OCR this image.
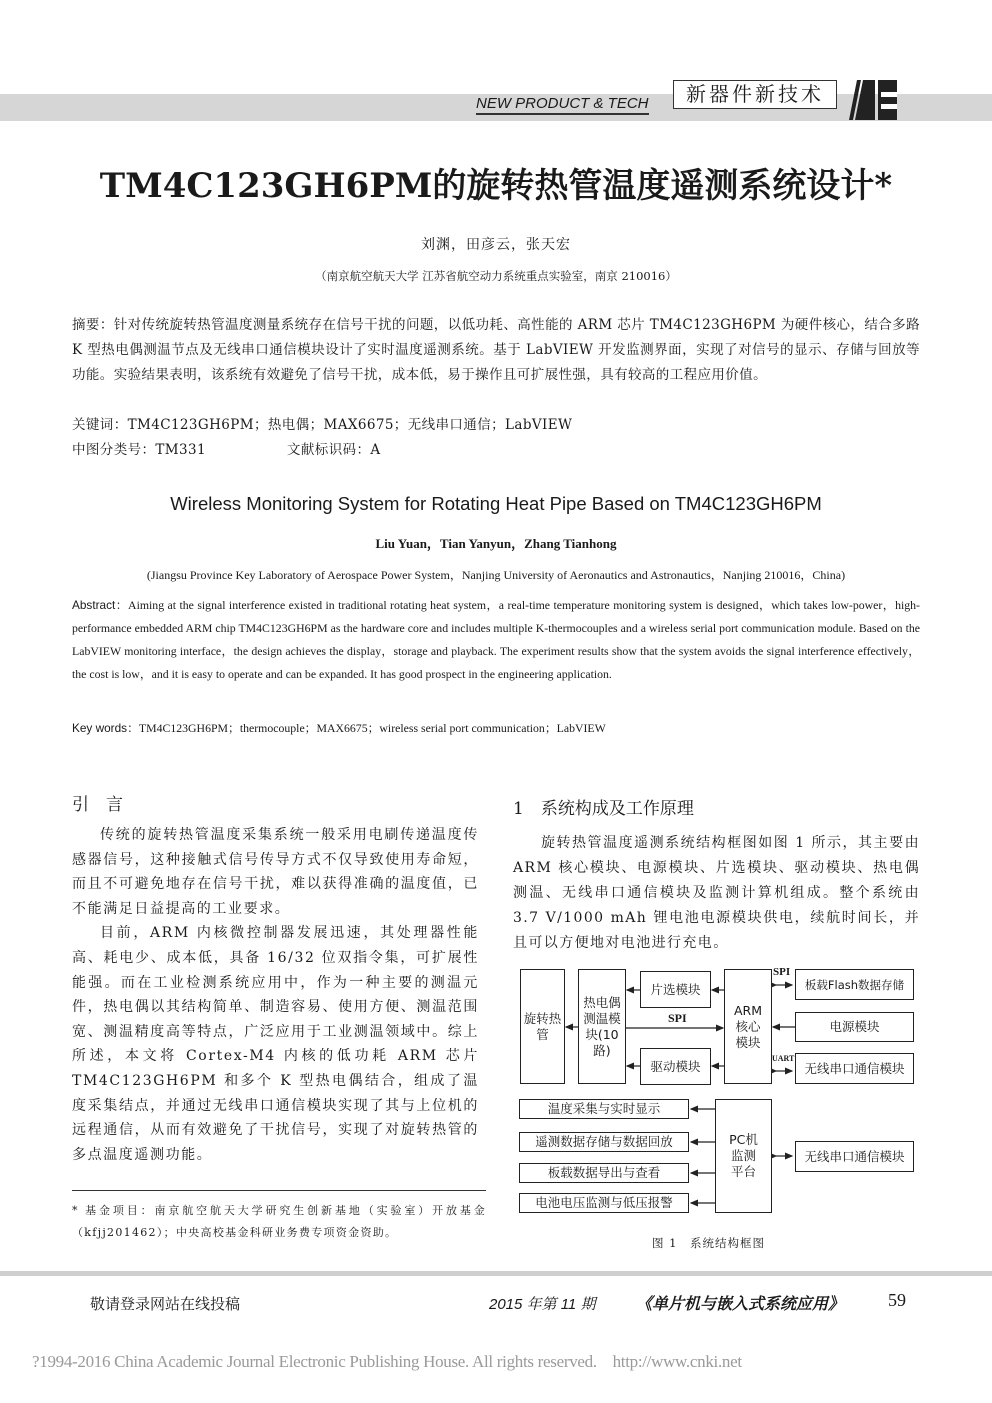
NEW PRODUCT & TECH	新器件新技术
TM4C123GH6PM的旋转热管温度遥测系统设计*
刘渊，田彦云，张天宏
（南京航空航天大学 江苏省航空动力系统重点实验室，南京 210016）
摘要：针对传统旋转热管温度测量系统存在信号干扰的问题，以低功耗、高性能的 ARM 芯片 TM4C123GH6PM 为硬件核心，结合多路 K 型热电偶测温节点及无线串口通信模块设计了实时温度遥测系统。基于 LabVIEW 开发监测界面，实现了对信号的显示、存储与回放等功能。实验结果表明，该系统有效避免了信号干扰，成本低，易于操作且可扩展性强，具有较高的工程应用价值。
关键词：TM4C123GH6PM；热电偶；MAX6675；无线串口通信；LabVIEW
中图分类号：TM331	文献标识码：A
Wireless Monitoring System for Rotating Heat Pipe Based on TM4C123GH6PM
Liu Yuan，Tian Yanyun，Zhang Tianhong
(Jiangsu Province Key Laboratory of Aerospace Power System，Nanjing University of Aeronautics and Astronautics，Nanjing 210016，China)
Abstract：Aiming at the signal interference existed in traditional rotating heat system，a real-time temperature monitoring system is designed，which takes low-power，high-performance embedded ARM chip TM4C123GH6PM as the hardware core and includes multiple K-thermocouples and a wireless serial port communication module. Based on the LabVIEW monitoring interface，the design achieves the display，storage and playback. The experiment results show that the system avoids the signal interference effectively，the cost is low，and it is easy to operate and can be expanded. It has good prospect in the engineering application.
Key words：TM4C123GH6PM；thermocouple；MAX6675；wireless serial port communication；LabVIEW
引　言

传统的旋转热管温度采集系统一般采用电刷传递温度传感器信号，这种接触式信号传导方式不仅导致使用寿命短，而且不可避免地存在信号干扰，难以获得准确的温度值，已不能满足日益提高的工业要求。

目前，ARM 内核微控制器发展迅速，其处理器性能高、耗电少、成本低，具备 16/32 位双指令集，可扩展性能强。而在工业检测系统应用中，作为一种主要的测温元件，热电偶以其结构简单、制造容易、使用方便、测温范围宽、测温精度高等特点，广泛应用于工业测温领域中。综上所述，本文将 Cortex-M4 内核的低功耗 ARM 芯片 TM4C123GH6PM 和多个 K 型热电偶结合，组成了温度采集结点，并通过无线串口通信模块实现了其与上位机的远程通信，从而有效避免了干扰信号，实现了对旋转热管的多点温度遥测功能。

* 基金项目：南京航空航天大学研究生创新基地（实验室）开放基金（kfjj201462）；中央高校基金科研业务费专项资金资助。
1　系统构成及工作原理

旋转热管温度遥测系统结构框图如图 1 所示，其主要由 ARM 核心模块、电源模块、片选模块、驱动模块、热电偶测温、无线串口通信模块及监测计算机组成。整个系统由 3.7 V/1000 mAh 锂电池电源模块供电，续航时间长，并且可以方便地对电池进行充电。

旋转热管
热电偶测温模块(10路)
片选模块
驱动模块
ARM核心模块
板载Flash数据存储
电源模块
无线串口通信模块
温度采集与实时显示
遥测数据存储与数据回放
板载数据导出与查看
电池电压监测与低压报警
PC机监测平台
无线串口通信模块
SPI
SPI
UART
图 1　系统结构框图
敬请登录网站在线投稿	2015 年第 11 期	《单片机与嵌入式系统应用》 59
?1994-2016 China Academic Journal Electronic Publishing House. All rights reserved.    http://www.cnki.net
